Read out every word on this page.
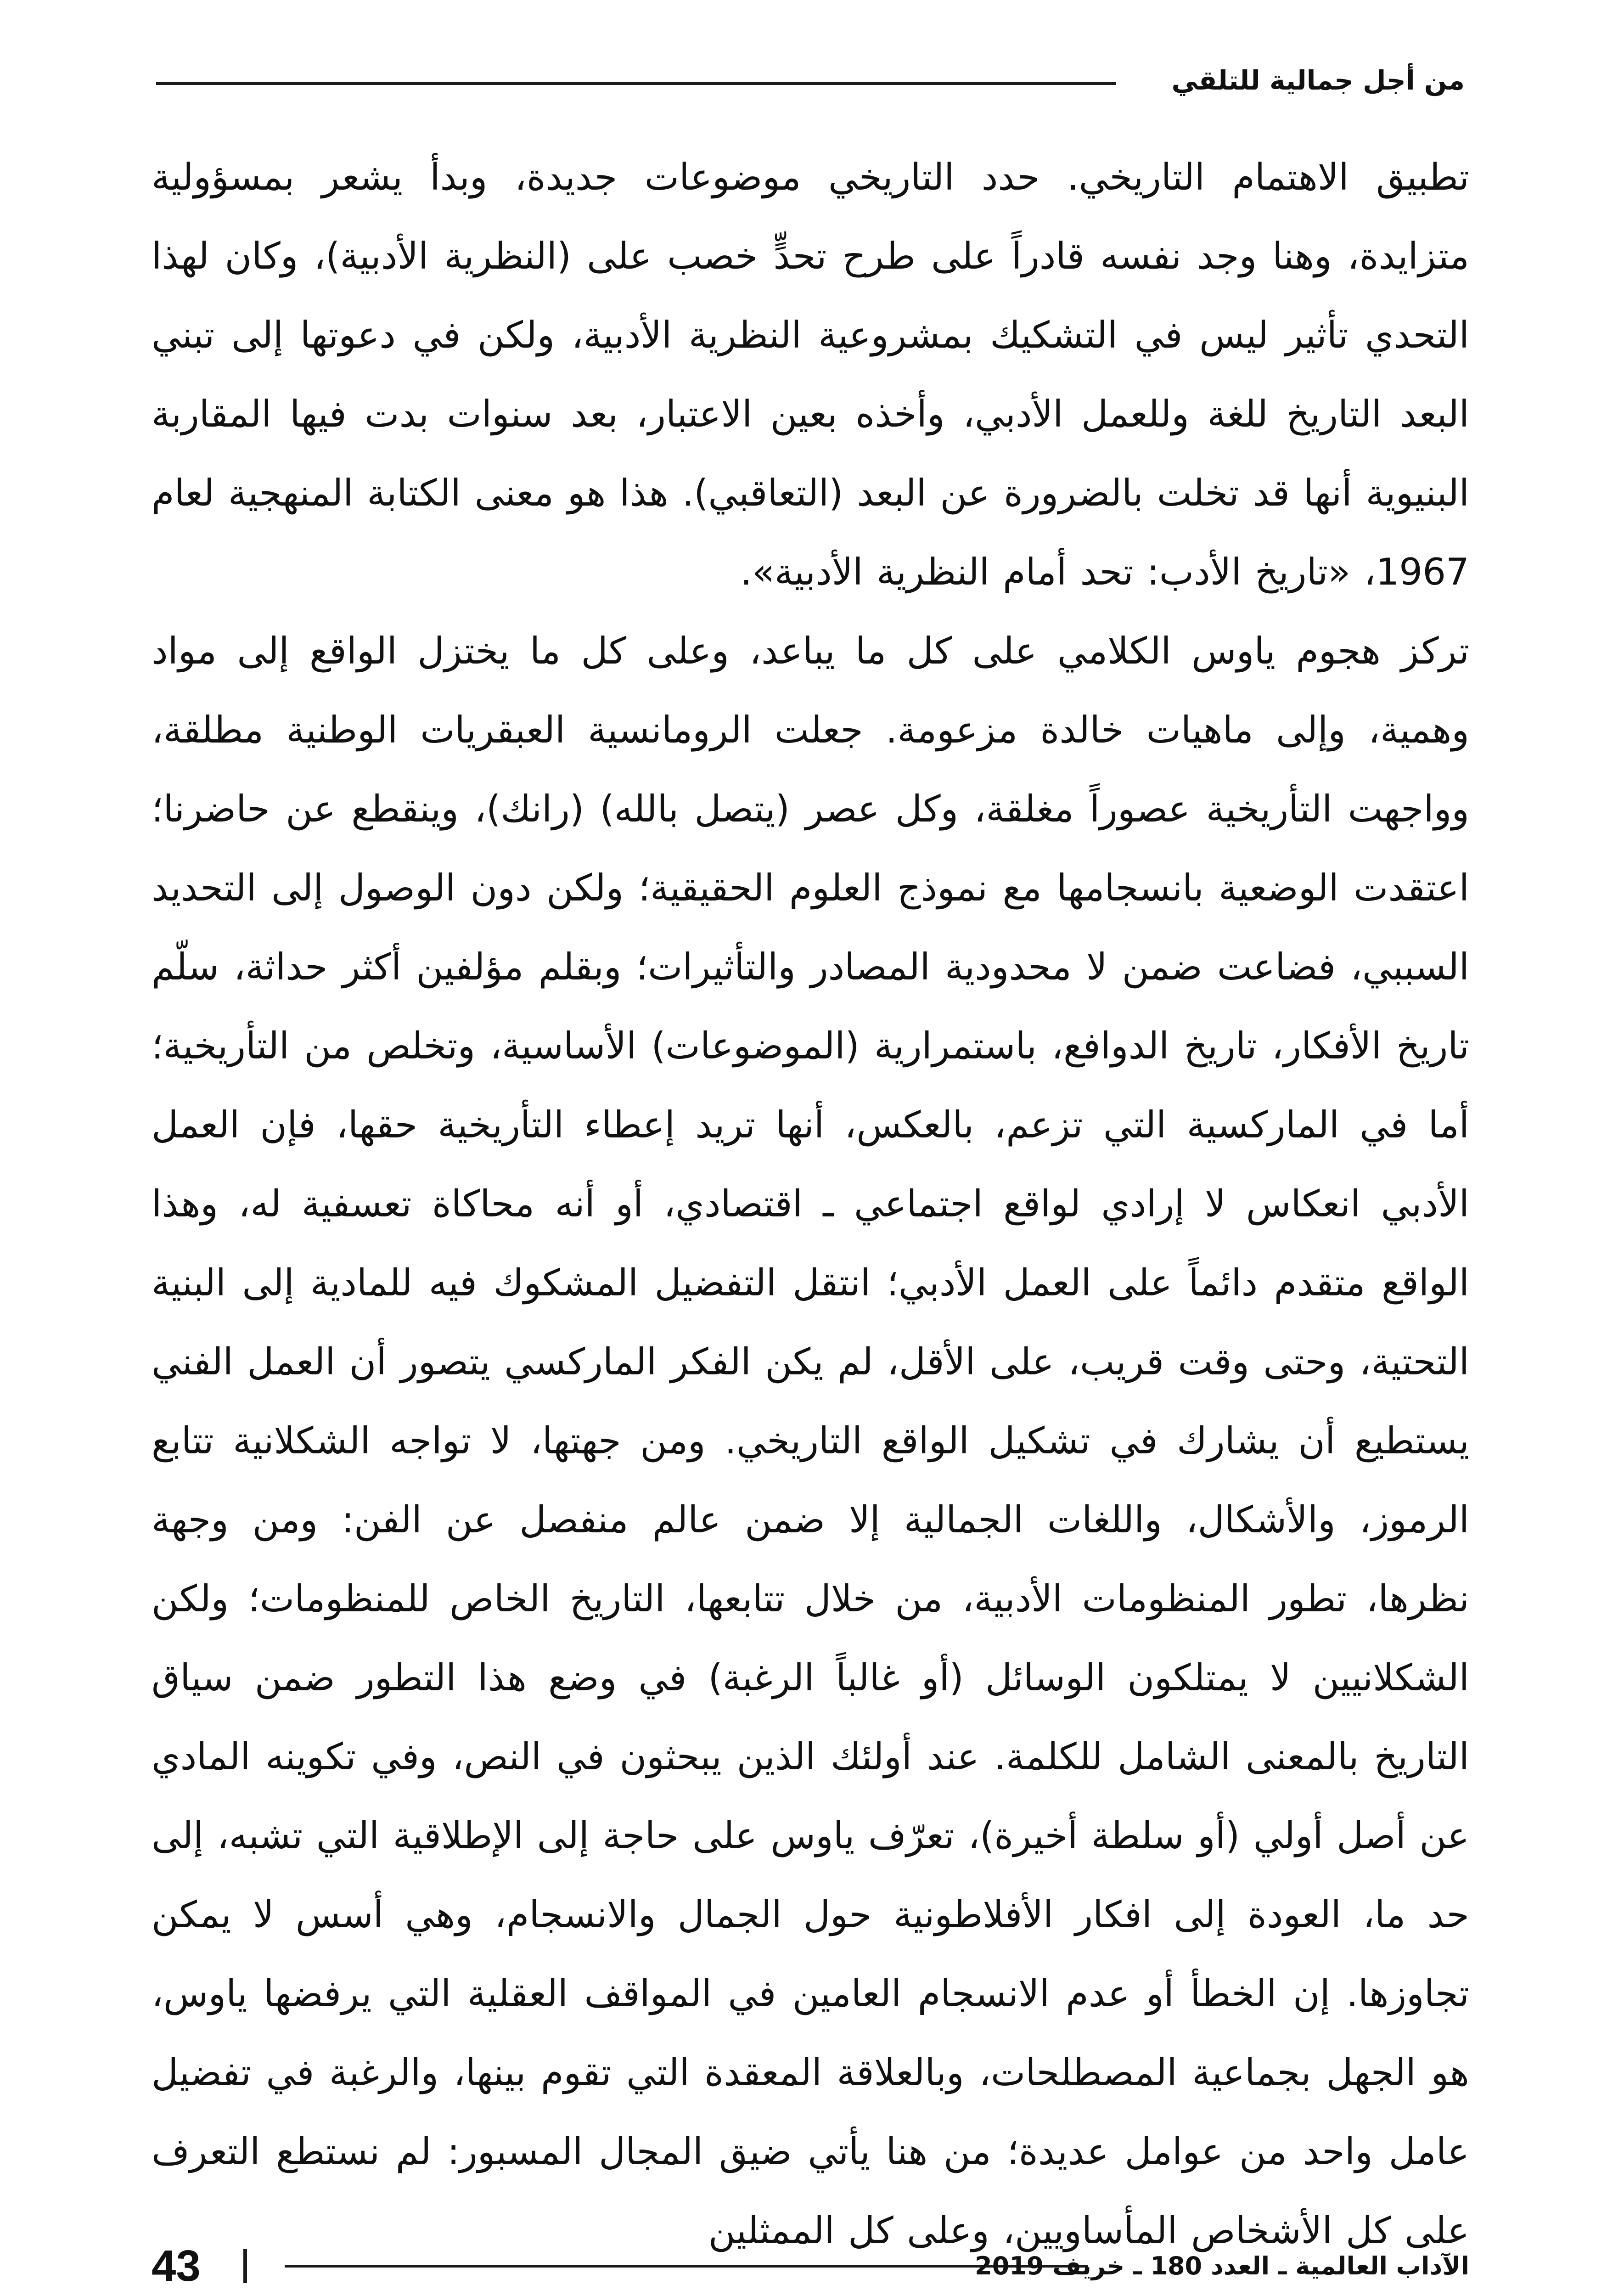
من أجل جمالية للتلقي

تطبيق الاهتمام التاريخي. حدد التاريخي موضوعات جديدة، وبدأ يشعر بمسؤولية متزايدة، وهنا وجد نفسه قادراً على طرح تحدٍّ خصب على (النظرية الأدبية)، وكان لهذا التحدي تأثير ليس في التشكيك بمشروعية النظرية الأدبية، ولكن في دعوتها إلى تبني البعد التاريخ للغة وللعمل الأدبي، وأخذه بعين الاعتبار، بعد سنوات بدت فيها المقاربة البنيوية أنها قد تخلت بالضرورة عن البعد (التعاقبي). هذا هو معنى الكتابة المنهجية لعام 1967، «تاريخ الأدب: تحد أمام النظرية الأدبية».

تركز هجوم ياوس الكلامي على كل ما يباعد، وعلى كل ما يختزل الواقع إلى مواد وهمية، وإلى ماهيات خالدة مزعومة. جعلت الرومانسية العبقريات الوطنية مطلقة، وواجهت التأريخية عصوراً مغلقة، وكل عصر (يتصل بالله) (رانك)، وينقطع عن حاضرنا؛ اعتقدت الوضعية بانسجامها مع نموذج العلوم الحقيقية؛ ولكن دون الوصول إلى التحديد السببي، فضاعت ضمن لا محدودية المصادر والتأثيرات؛ وبقلم مؤلفين أكثر حداثة، سلّم تاريخ الأفكار، تاريخ الدوافع، باستمرارية (الموضوعات) الأساسية، وتخلص من التأريخية؛ أما في الماركسية التي تزعم، بالعكس، أنها تريد إعطاء التأريخية حقها، فإن العمل الأدبي انعكاس لا إرادي لواقع اجتماعي ـ اقتصادي، أو أنه محاكاة تعسفية له، وهذا الواقع متقدم دائماً على العمل الأدبي؛ انتقل التفضيل المشكوك فيه للمادية إلى البنية التحتية، وحتى وقت قريب، على الأقل، لم يكن الفكر الماركسي يتصور أن العمل الفني يستطيع أن يشارك في تشكيل الواقع التاريخي. ومن جهتها، لا تواجه الشكلانية تتابع الرموز، والأشكال، واللغات الجمالية إلا ضمن عالم منفصل عن الفن: ومن وجهة نظرها، تطور المنظومات الأدبية، من خلال تتابعها، التاريخ الخاص للمنظومات؛ ولكن الشكلانيين لا يمتلكون الوسائل (أو غالباً الرغبة) في وضع هذا التطور ضمن سياق التاريخ بالمعنى الشامل للكلمة. عند أولئك الذين يبحثون في النص، وفي تكوينه المادي عن أصل أولي (أو سلطة أخيرة)، تعرّف ياوس على حاجة إلى الإطلاقية التي تشبه، إلى حد ما، العودة إلى افكار الأفلاطونية حول الجمال والانسجام، وهي أسس لا يمكن تجاوزها. إن الخطأ أو عدم الانسجام العامين في المواقف العقلية التي يرفضها ياوس، هو الجهل بجماعية المصطلحات، وبالعلاقة المعقدة التي تقوم بينها، والرغبة في تفضيل عامل واحد من عوامل عديدة؛ من هنا يأتي ضيق المجال المسبور: لم نستطع التعرف على كل الأشخاص المأساويين، وعلى كل الممثلين

43	الآداب العالمية ـ العدد 180 ـ خريف 2019
